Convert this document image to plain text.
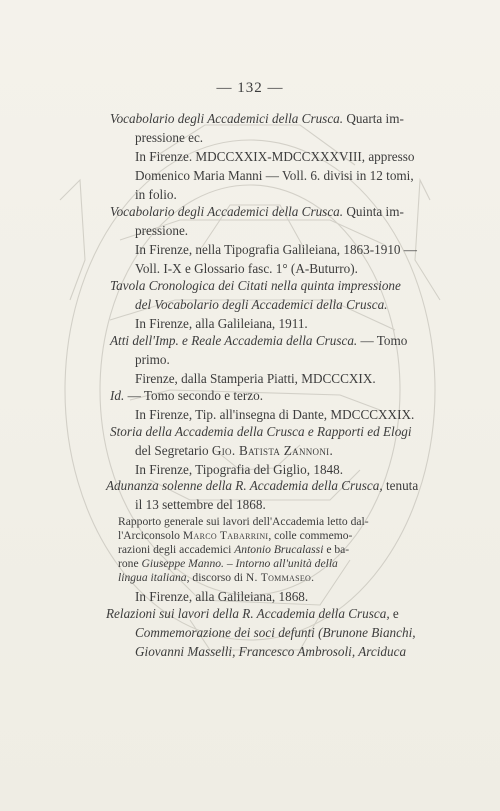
— 132 —
Vocabolario degli Accademici della Crusca. Quarta im-
pressione ec.
In Firenze. MDCCXXIX-MDCCXXXVIII, appresso
Domenico Maria Manni — Voll. 6. divisi in 12 tomi,
in folio.
Vocabolario degli Accademici della Crusca. Quinta im-
pressione.
In Firenze, nella Tipografia Galileiana, 1863-1910 —
Voll. I-X e Glossario fasc. 1° (A-Buturro).
Tavola Cronologica dei Citati nella quinta impressione
del Vocabolario degli Accademici della Crusca.
In Firenze, alla Galileiana, 1911.
Atti dell'Imp. e Reale Accademia della Crusca. — Tomo
primo.
Firenze, dalla Stamperia Piatti, MDCCCXIX.
Id. — Tomo secondo e terzo.
In Firenze, Tip. all'insegna di Dante, MDCCCXXIX.
Storia della Accademia della Crusca e Rapporti ed Elogi
del Segretario Gio. Batista Zannoni.
In Firenze, Tipografia del Giglio, 1848.
Adunanza solenne della R. Accademia della Crusca, tenuta
il 13 settembre del 1868.
Rapporto generale sui lavori dell'Accademia letto dal-
l'Arciconsolo Marco Tabarrini, colle commemo-
razioni degli accademici Antonio Brucalassi e ba-
rone Giuseppe Manno. – Intorno all'unità della
lingua italiana, discorso di N. Tommaseo.
In Firenze, alla Galileiana, 1868.
Relazioni sui lavori della R. Accademia della Crusca, e
Commemorazione dei soci defunti (Brunone Bianchi,
Giovanni Masselli, Francesco Ambrosoli, Arciduca
